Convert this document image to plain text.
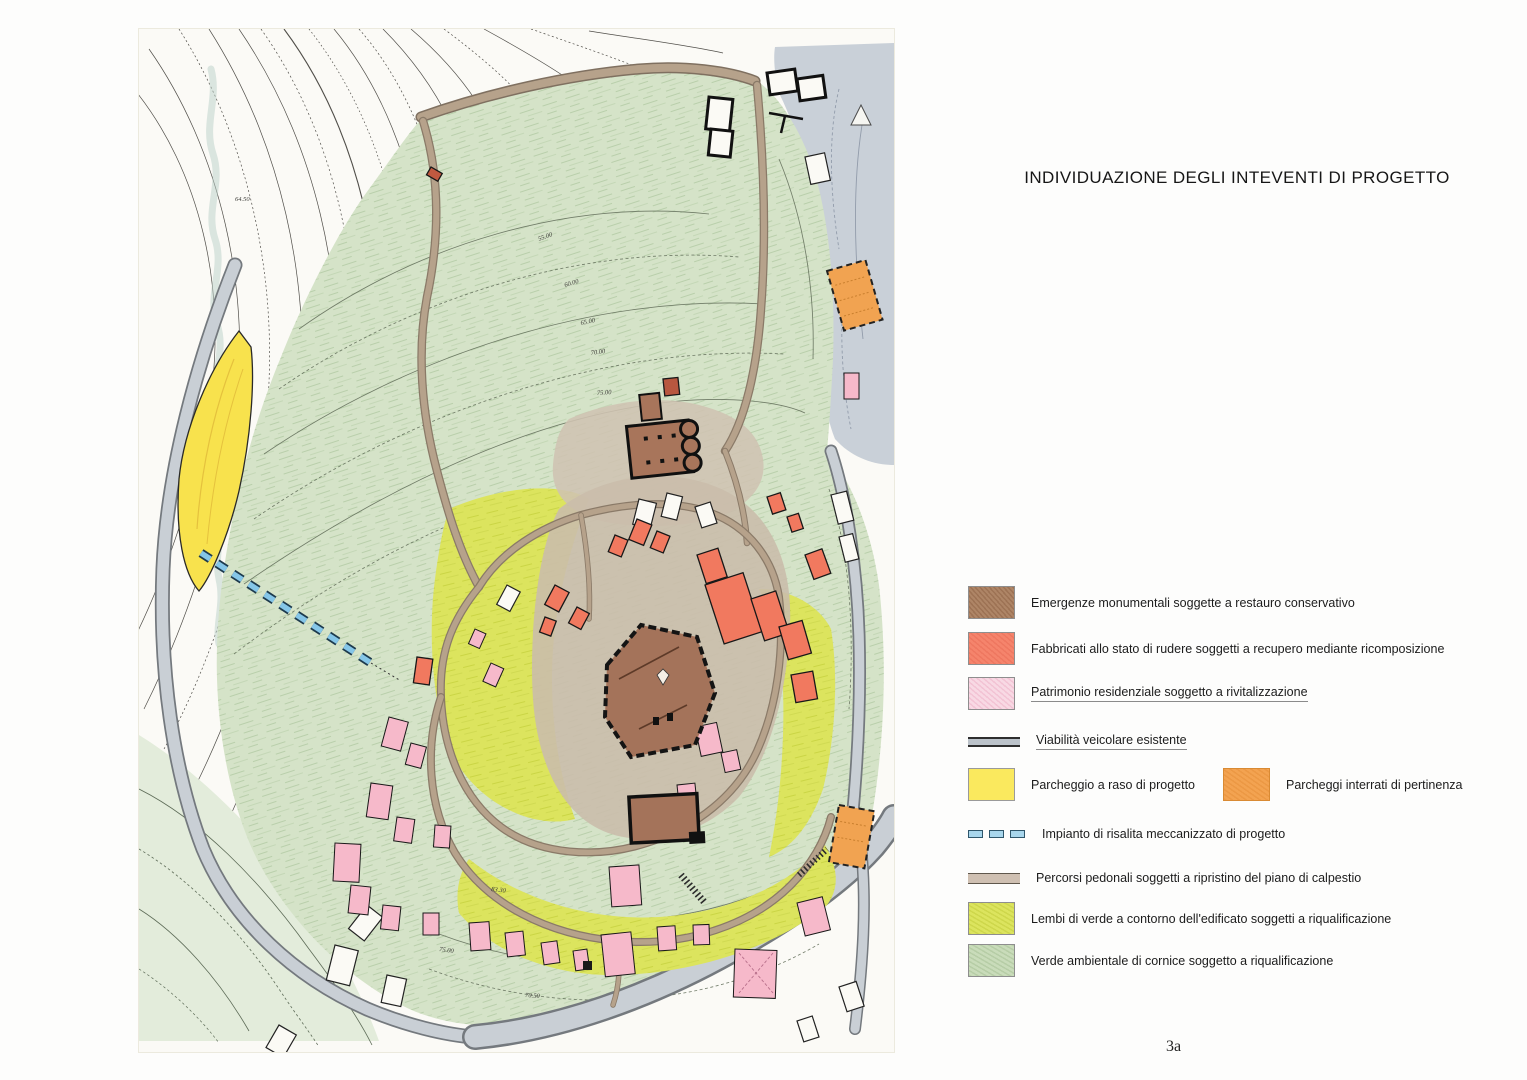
55.00
60.00
65.00
70.00
75.00
83.30
75.00
70.50
64.50
INDIVIDUAZIONE DEGLI INTEVENTI DI PROGETTO
Emergenze monumentali soggette a restauro conservativo
Fabbricati allo stato di rudere soggetti a recupero mediante ricomposizione
Patrimonio residenziale soggetto a rivitalizzazione
Viabilità veicolare esistente
Parcheggio a raso di progetto	Parcheggi interrati di pertinenza
Impianto di risalita meccanizzato di progetto
Percorsi pedonali soggetti a ripristino del piano di calpestio
Lembi di verde a contorno dell'edificato soggetti a riqualificazione
Verde ambientale di cornice soggetto a riqualificazione
3a
